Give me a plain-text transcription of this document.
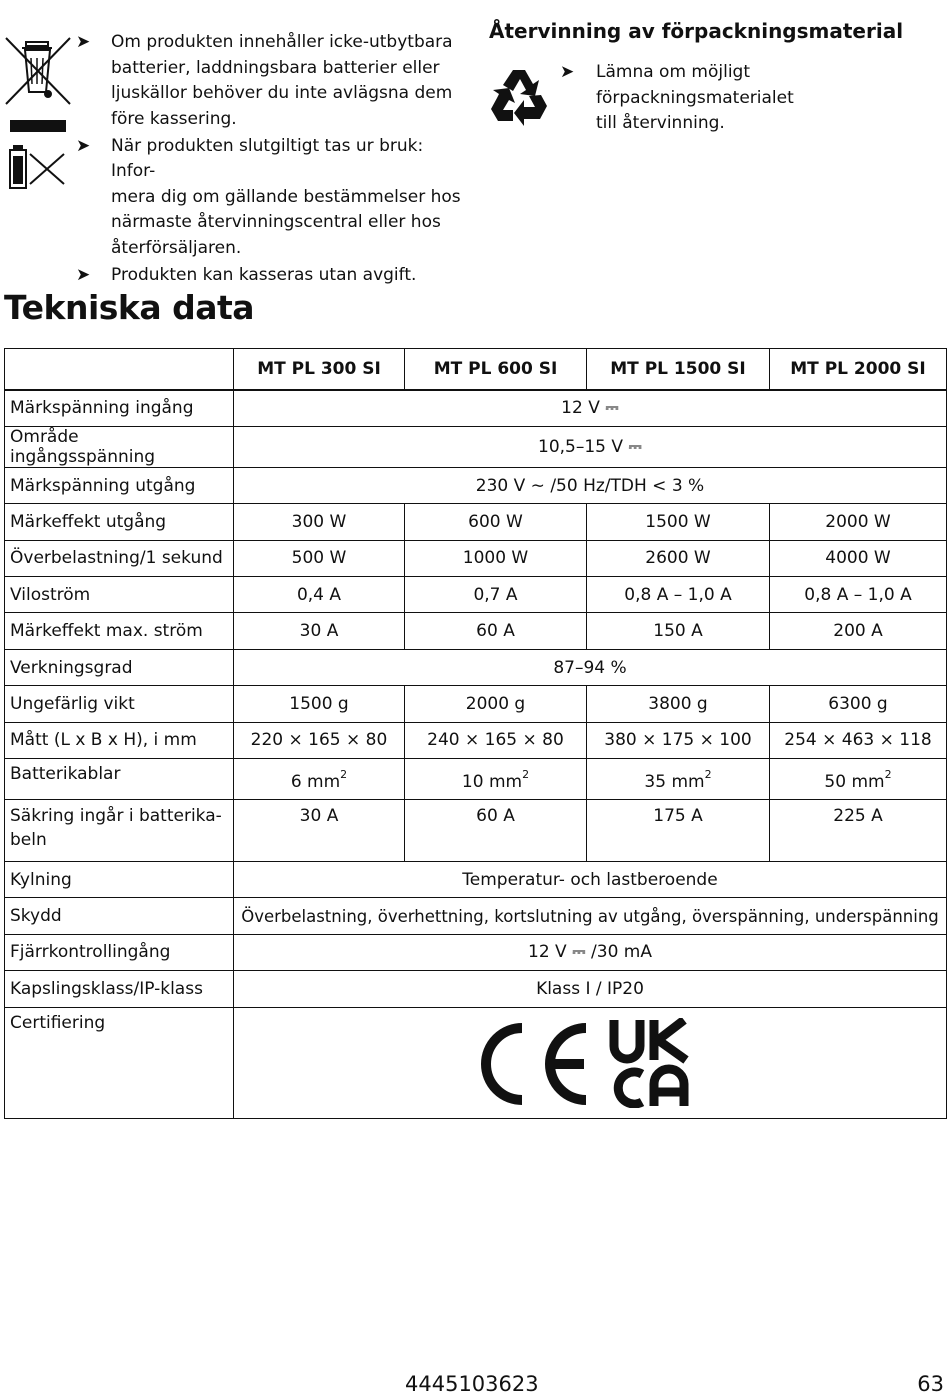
➤	Om produkten innehåller icke-utbytbara
batterier, laddningsbara batterier eller
ljuskällor behöver du inte avlägsna dem
före kassering.
➤	När produkten slutgiltigt tas ur bruk: Infor-
mera dig om gällande bestämmelser hos
närmaste återvinningscentral eller hos
återförsäljaren.
➤	Produkten kan kasseras utan avgift.
Återvinning av förpackningsmaterial
➤ Lämna om möjligt förpackningsmaterialet
till återvinning.
Tekniska data
	MT PL 300 SI	MT PL 600 SI	MT PL 1500 SI	MT PL 2000 SI
Märkspänning ingång	12 V ⎓			
Område ingångsspänning	10,5–15 V ⎓			
Märkspänning utgång	230 V ∼ /50 Hz/TDH < 3 %			
Märkeffekt utgång	300 W	600 W	1500 W	2000 W
Överbelastning/1 sekund	500 W	1000 W	2600 W	4000 W
Viloström	0,4 A	0,7 A	0,8 A – 1,0 A	0,8 A – 1,0 A
Märkeffekt max. ström	30 A	60 A	150 A	200 A
Verkningsgrad	87–94 %			
Ungefärlig vikt	1500 g	2000 g	3800 g	6300 g
Mått (L x B x H), i mm	220 × 165 × 80	240 × 165 × 80	380 × 175 × 100	254 × 463 × 118
Batterikablar	6 $mm^2$	10 $mm^2$	35 $mm^2$	50 $mm^2$

Säkring ingår i batterika-
beln	30 A	60 A	175 A	225 A
Kylning	Temperatur- och lastberoende			
Skydd	Överbelastning, överhettning, kortslutning av utgång, överspänning, underspänning			
Fjärrkontrollingång	12 V ⎓ /30 mA			
Kapslingsklass/IP-klass	Klass I / IP20			
Certifiering	
4445103623	63
